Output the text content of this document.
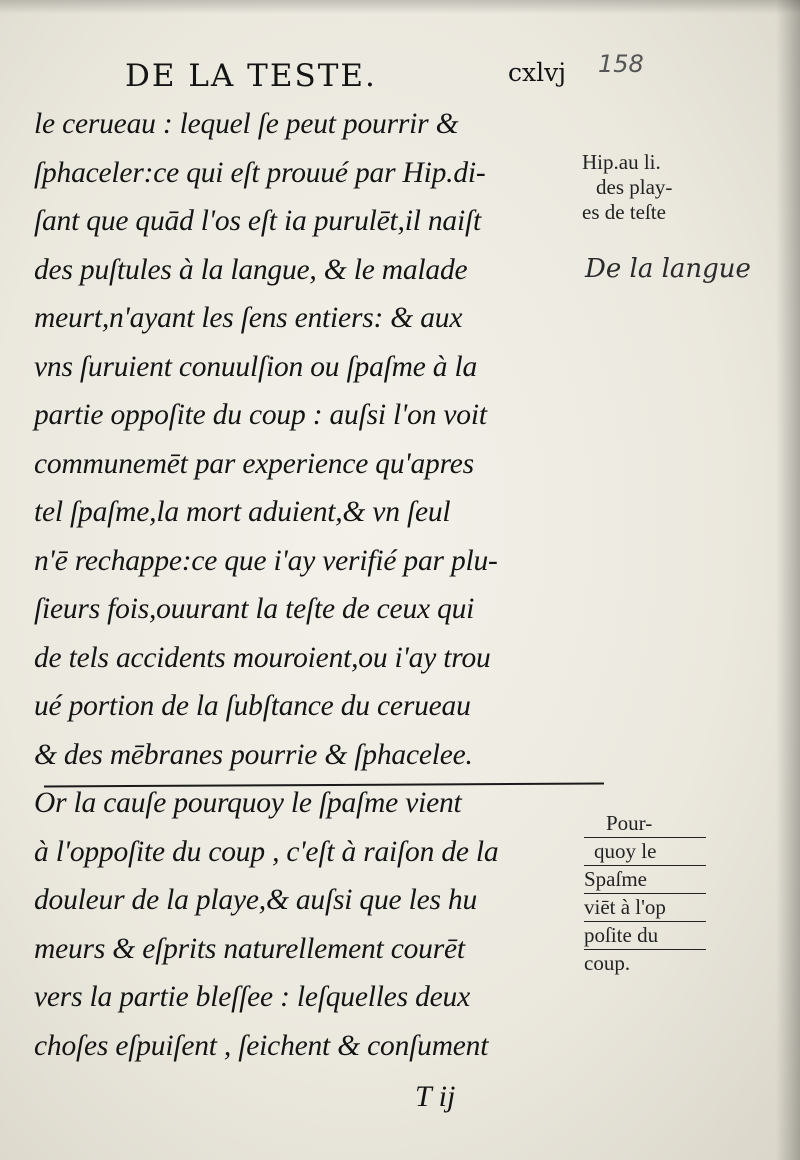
DE LA TESTE.	cxlvj 158
le cerueau : lequel ſe peut pourrir &
ſphaceler:ce qui eſt prouué par Hip.di-
ſant que quād l'os eſt ia purulēt,il naiſt
des puſtules à la langue, & le malade
meurt,n'ayant les ſens entiers: & aux
vns ſuruient conuulſion ou ſpaſme à la
partie oppoſite du coup : auſsi l'on voit
communemēt par experience qu'apres
tel ſpaſme,la mort aduient,& vn ſeul
n'ē rechappe:ce que i'ay verifié par plu-
ſieurs fois,ouurant la teſte de ceux qui
de tels accidents mouroient,ou i'ay trou
ué portion de la ſubſtance du cerueau
& des mēbranes pourrie & ſphacelee.
Or la cauſe pourquoy le ſpaſme vient
à l'oppoſite du coup , c'eſt à raiſon de la
douleur de la playe,& auſsi que les hu
meurs & eſprits naturellement courēt
vers la partie bleſſee : leſquelles deux
choſes eſpuiſent , ſeichent & conſument
Hip.au li.
des play-
es de teſte
De la langue
Pour-
quoy le
Spaſme
viēt à l'op
poſite du
coup.
T ij
